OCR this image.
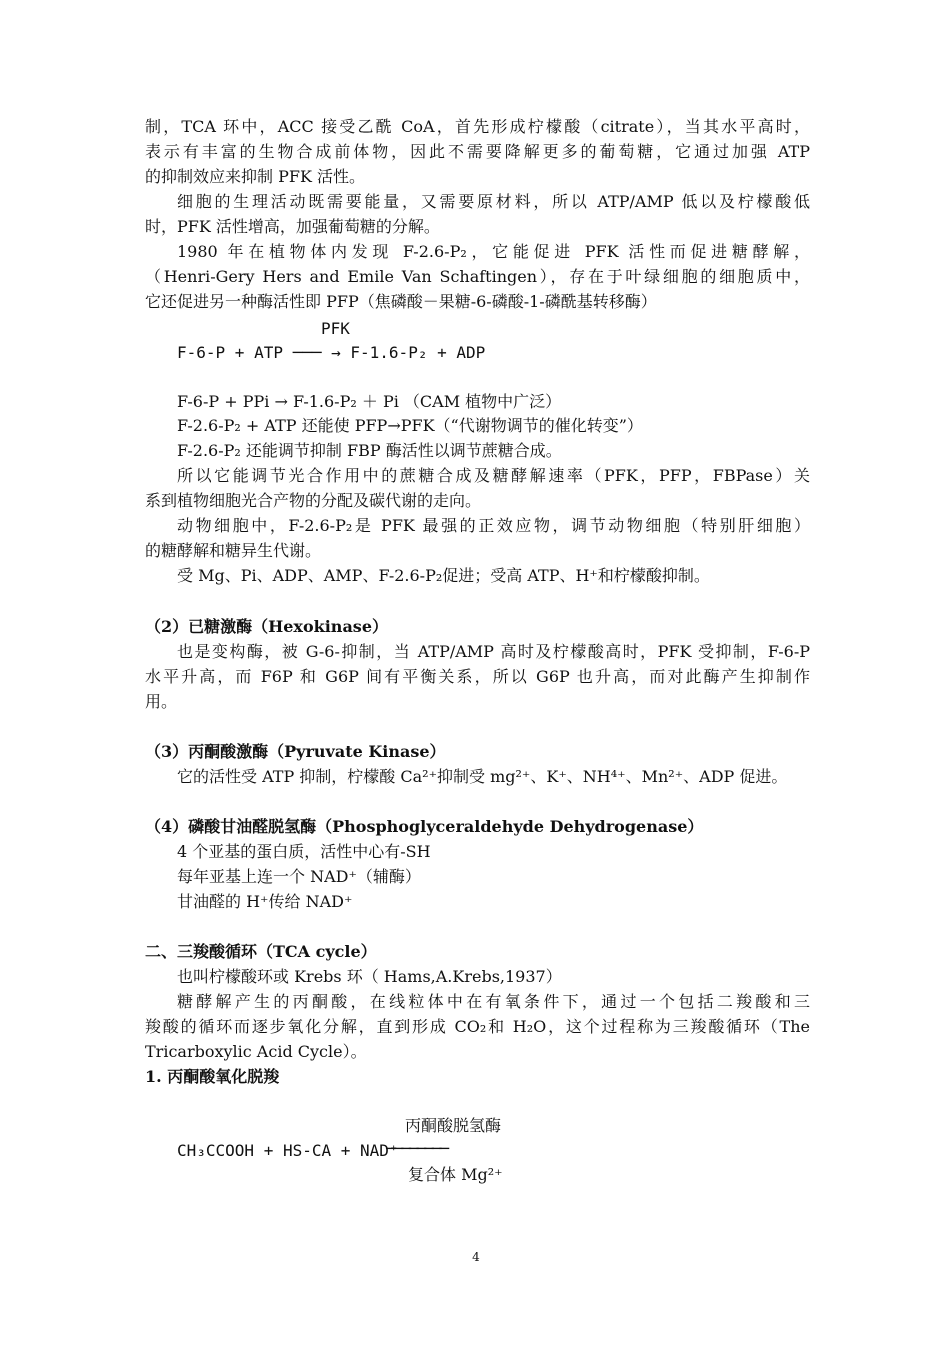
制，TCA 环中，ACC 接受乙酰 CoA，首先形成柠檬酸（citrate），当其水平高时，
表示有丰富的生物合成前体物，因此不需要降解更多的葡萄糖，它通过加强 ATP
的抑制效应来抑制 PFK 活性。
细胞的生理活动既需要能量，又需要原材料，所以 ATP/AMP 低以及柠檬酸低
时，PFK 活性增高，加强葡萄糖的分解。
1980 年在植物体内发现 F-2.6-P₂，它能促进 PFK 活性而促进糖酵解，
（Henri-Gery Hers and Emile Van Schaftingen），存在于叶绿细胞的细胞质中，
它还促进另一种酶活性即 PFP（焦磷酸－果糖-6-磷酸-1-磷酰基转移酶）
PFK
F-6-P + ATP ─── → F-1.6-P₂ + ADP
F-6-P + PPi → F-1.6-P₂ ＋ Pi （CAM 植物中广泛）
F-2.6-P₂ + ATP 还能使 PFP→PFK（“代谢物调节的催化转变”）
F-2.6-P₂ 还能调节抑制 FBP 酶活性以调节蔗糖合成。
所以它能调节光合作用中的蔗糖合成及糖酵解速率（PFK，PFP，FBPase）关
系到植物细胞光合产物的分配及碳代谢的走向。
动物细胞中，F-2.6-P₂是 PFK 最强的正效应物，调节动物细胞（特别肝细胞）
的糖酵解和糖异生代谢。
受 Mg、Pi、ADP、AMP、F-2.6-P₂促进；受高 ATP、H⁺和柠檬酸抑制。
（2）已糖激酶（Hexokinase）
也是变构酶，被 G-6-抑制，当 ATP/AMP 高时及柠檬酸高时，PFK 受抑制，F-6-P
水平升高，而 F6P 和 G6P 间有平衡关系，所以 G6P 也升高，而对此酶产生抑制作
用。
（3）丙酮酸激酶（Pyruvate Kinase）
它的活性受 ATP 抑制，柠檬酸 Ca²⁺抑制受 mg²⁺、K⁺、NH⁴⁺、Mn²⁺、ADP 促进。
（4）磷酸甘油醛脱氢酶（Phosphoglyceraldehyde Dehydrogenase）
4 个亚基的蛋白质，活性中心有-SH
每年亚基上连一个 NAD⁺（辅酶）
甘油醛的 H⁺传给 NAD⁺
二、三羧酸循环（TCA cycle）
也叫柠檬酸环或 Krebs 环（ Hams,A.Krebs,1937）
糖酵解产生的丙酮酸，在线粒体中在有氧条件下，通过一个包括二羧酸和三
羧酸的循环而逐步氧化分解，直到形成 CO₂和 H₂O，这个过程称为三羧酸循环（The
Tricarboxylic Acid Cycle）。
1. 丙酮酸氧化脱羧
丙酮酸脱氢酶
CH₃CCOOH + HS-CA + NAD⁺
────────
复合体 Mg²⁺
4
